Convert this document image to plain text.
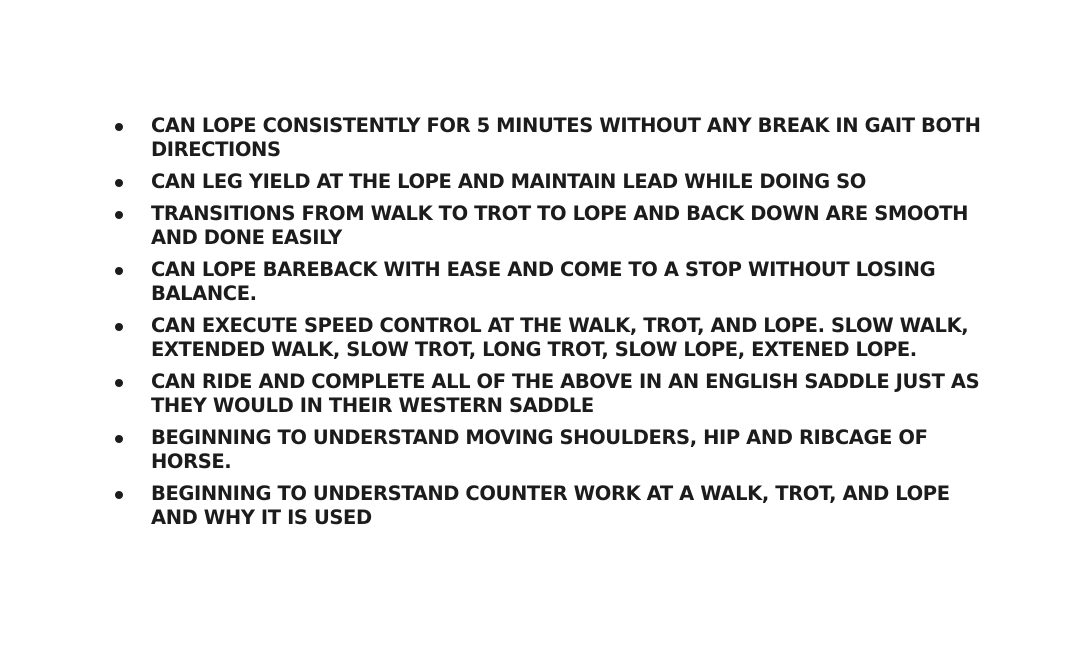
CAN LOPE CONSISTENTLY FOR 5 MINUTES WITHOUT ANY BREAK IN GAIT BOTH DIRECTIONS
CAN LEG YIELD AT THE LOPE AND MAINTAIN LEAD WHILE DOING SO
TRANSITIONS FROM WALK TO TROT TO LOPE AND BACK DOWN ARE SMOOTH AND DONE EASILY
CAN LOPE BAREBACK WITH EASE AND COME TO A STOP WITHOUT LOSING BALANCE.
CAN EXECUTE SPEED CONTROL AT THE WALK, TROT, AND LOPE. SLOW WALK, EXTENDED WALK, SLOW TROT, LONG TROT, SLOW LOPE, EXTENED LOPE.
CAN RIDE AND COMPLETE ALL OF THE ABOVE IN AN ENGLISH SADDLE JUST AS THEY WOULD IN THEIR WESTERN SADDLE
BEGINNING TO UNDERSTAND MOVING SHOULDERS, HIP AND RIBCAGE OF HORSE.
BEGINNING TO UNDERSTAND COUNTER WORK AT A WALK, TROT, AND LOPE AND WHY IT IS USED
